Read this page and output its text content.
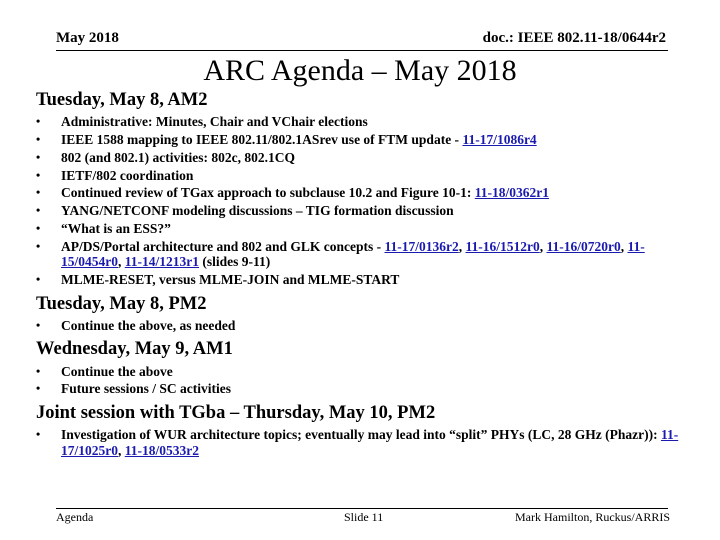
May 2018	doc.: IEEE 802.11-18/0644r2
ARC Agenda – May 2018
Tuesday, May 8, AM2
• Administrative: Minutes, Chair and VChair elections
• IEEE 1588 mapping to IEEE 802.11/802.1ASrev use of FTM update - 11-17/1086r4
• 802 (and 802.1) activities: 802c, 802.1CQ
• IETF/802 coordination
• Continued review of TGax approach to subclause 10.2 and Figure 10-1: 11-18/0362r1
• YANG/NETCONF modeling discussions – TIG formation discussion
• “What is an ESS?”
• AP/DS/Portal architecture and 802 and GLK concepts - 11-17/0136r2, 11-16/1512r0, 11-16/0720r0, 11-15/0454r0, 11-14/1213r1 (slides 9-11)
• MLME-RESET, versus MLME-JOIN and MLME-START
Tuesday, May 8, PM2
• Continue the above, as needed
Wednesday, May 9, AM1
• Continue the above
• Future sessions / SC activities
Joint session with TGba – Thursday, May 10, PM2
• Investigation of WUR architecture topics; eventually may lead into “split” PHYs (LC, 28 GHz (Phazr)): 11-17/1025r0, 11-18/0533r2
Agenda	Slide 11	Mark Hamilton, Ruckus/ARRIS
